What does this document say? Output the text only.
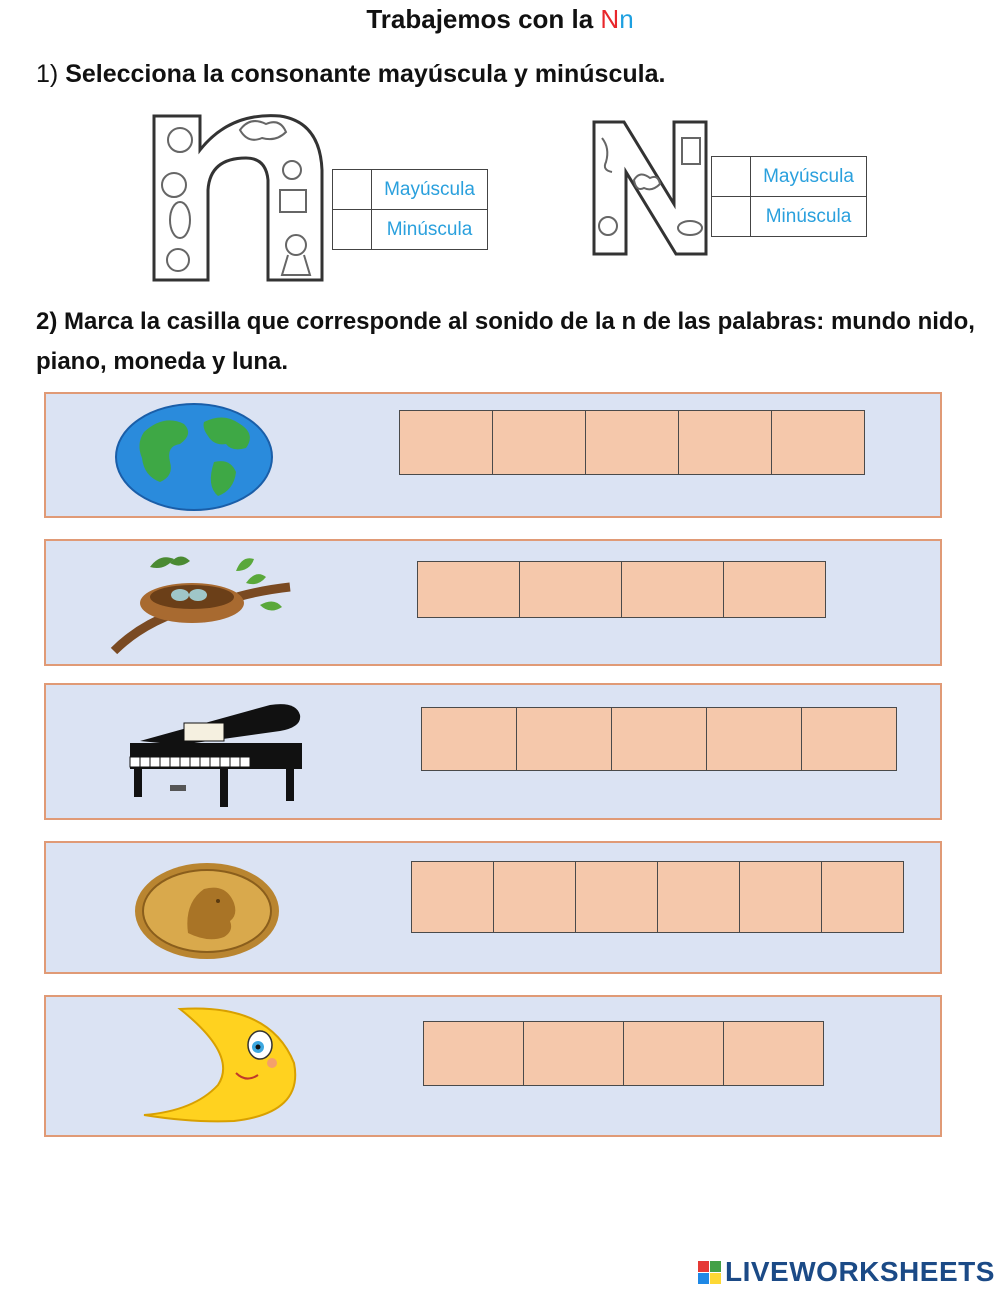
Trabajemos con la Nn
1) Selecciona la consonante mayúscula y minúscula.
	Mayúscula
	Minúscula
	Mayúscula
	Minúscula
2) Marca la casilla que corresponde al sonido de la n de las palabras: mundo nido, piano, moneda y luna.
LIVEWORKSHEETS
